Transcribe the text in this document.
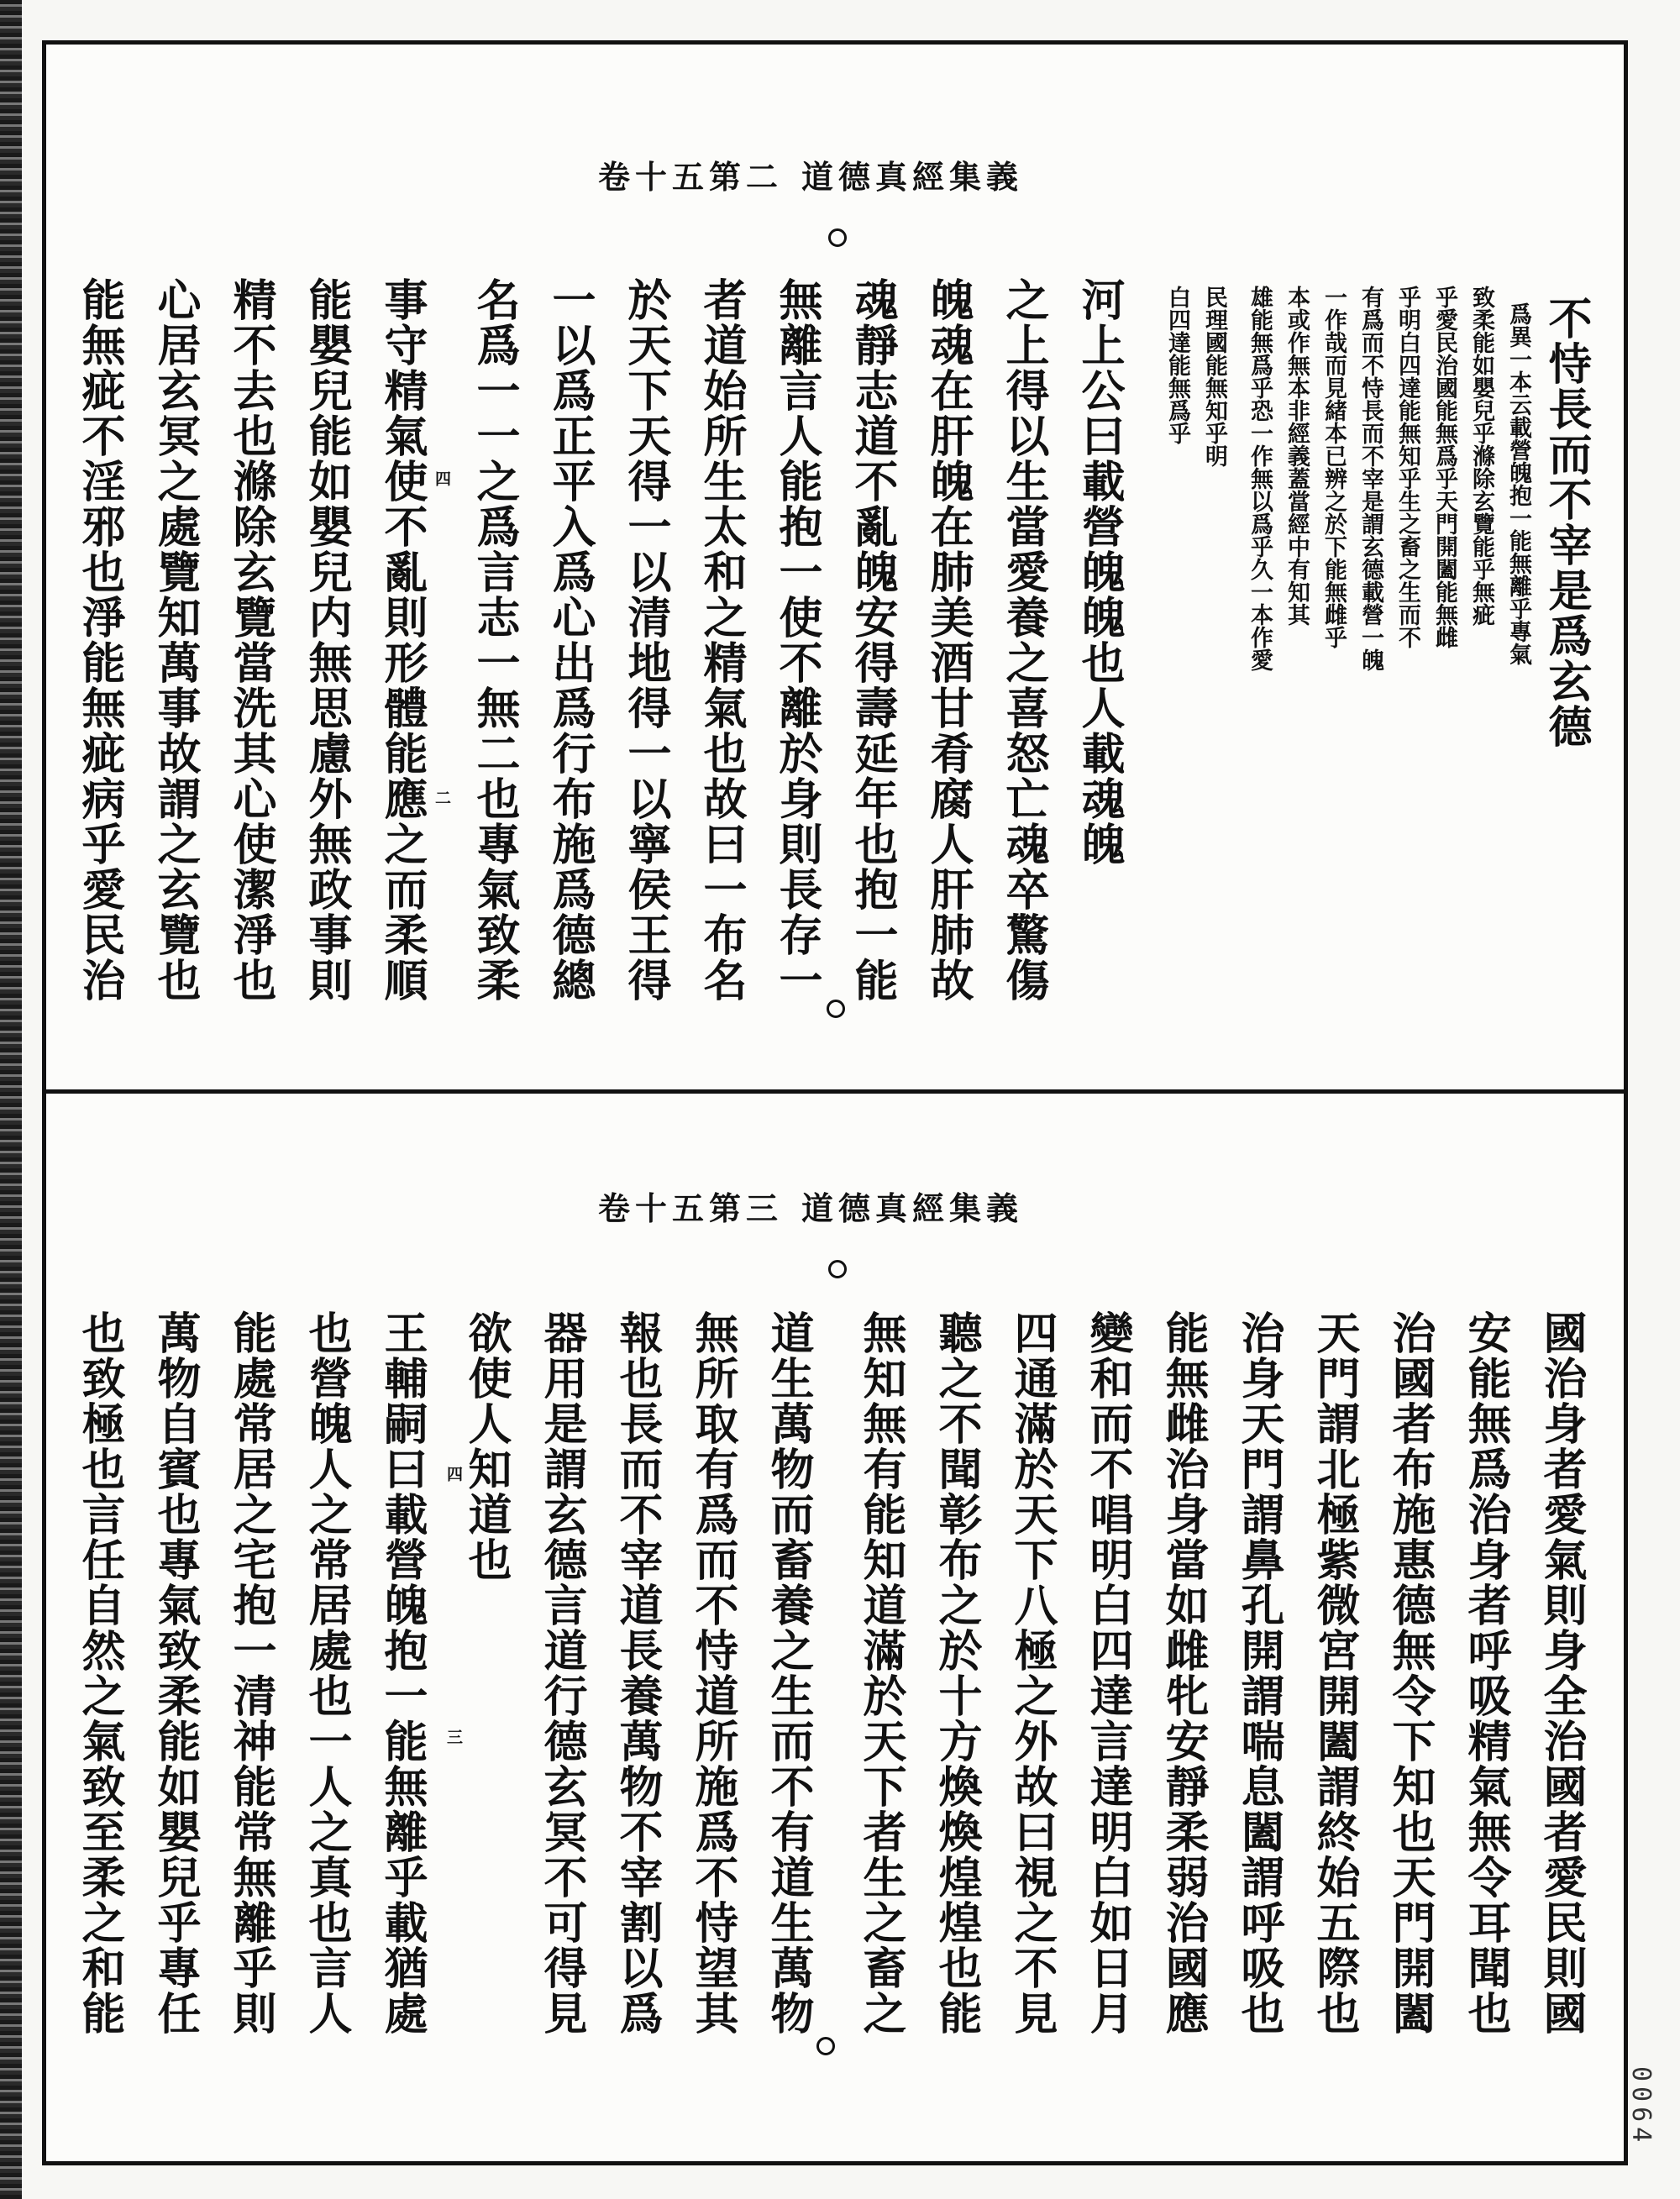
卷十五第二 道德真經集義
不恃長而不宰是爲玄德
爲異一本云載營魄抱一能無離乎專氣
致柔能如嬰兒乎滌除玄覽能乎無疵
乎愛民治國能無爲乎天門開闔能無雌
乎明白四達能無知乎生之畜之生而不
有爲而不恃長而不宰是謂玄德載營一魄
一作哉而見緒本已辨之於下能無雌乎
本或作無本非經義蓋當經中有知其
雄能無爲乎恐一作無以爲乎久一本作愛
民理國能無知乎明
白四達能無爲乎
河上公曰載營魄魄也人載魂魄
之上得以生當愛養之喜怒亡魂卒驚傷
魄魂在肝魄在肺美酒甘肴腐人肝肺故
魂靜志道不亂魄安得壽延年也抱一能
無離言人能抱一使不離於身則長存一
者道始所生太和之精氣也故曰一布名
於天下天得一以清地得一以寧侯王得
一以爲正平入爲心出爲行布施爲德總
名爲一一之爲言志一無二也專氣致柔
事守精氣使不亂則形體能應之而柔順
能嬰兒能如嬰兒内無思慮外無政事則
精不去也滌除玄覽當洗其心使潔淨也
心居玄冥之處覽知萬事故謂之玄覽也
能無疵不淫邪也淨能無疵病乎愛民治	四
二
卷十五第三 道德真經集義
國治身者愛氣則身全治國者愛民則國
安能無爲治身者呼吸精氣無令耳聞也
治國者布施惠德無令下知也天門開闔
天門謂北極紫微宮開闔謂終始五際也
治身天門謂鼻孔開謂喘息闔謂呼吸也
能無雌治身當如雌牝安靜柔弱治國應
變和而不唱明白四達言達明白如日月
四通滿於天下八極之外故曰視之不見
聽之不聞彰布之於十方煥煥煌煌也能
無知無有能知道滿於天下者生之畜之
道生萬物而畜養之生而不有道生萬物
無所取有爲而不恃道所施爲不恃望其
報也長而不宰道長養萬物不宰割以爲
器用是謂玄德言道行德玄冥不可得見
欲使人知道也
王輔嗣曰載營魄抱一能無離乎載猶處
也營魄人之常居處也一人之真也言人
能處常居之宅抱一清神能常無離乎則
萬物自賓也專氣致柔能如嬰兒乎專任
也致極也言任自然之氣致至柔之和能	四
三
0064
